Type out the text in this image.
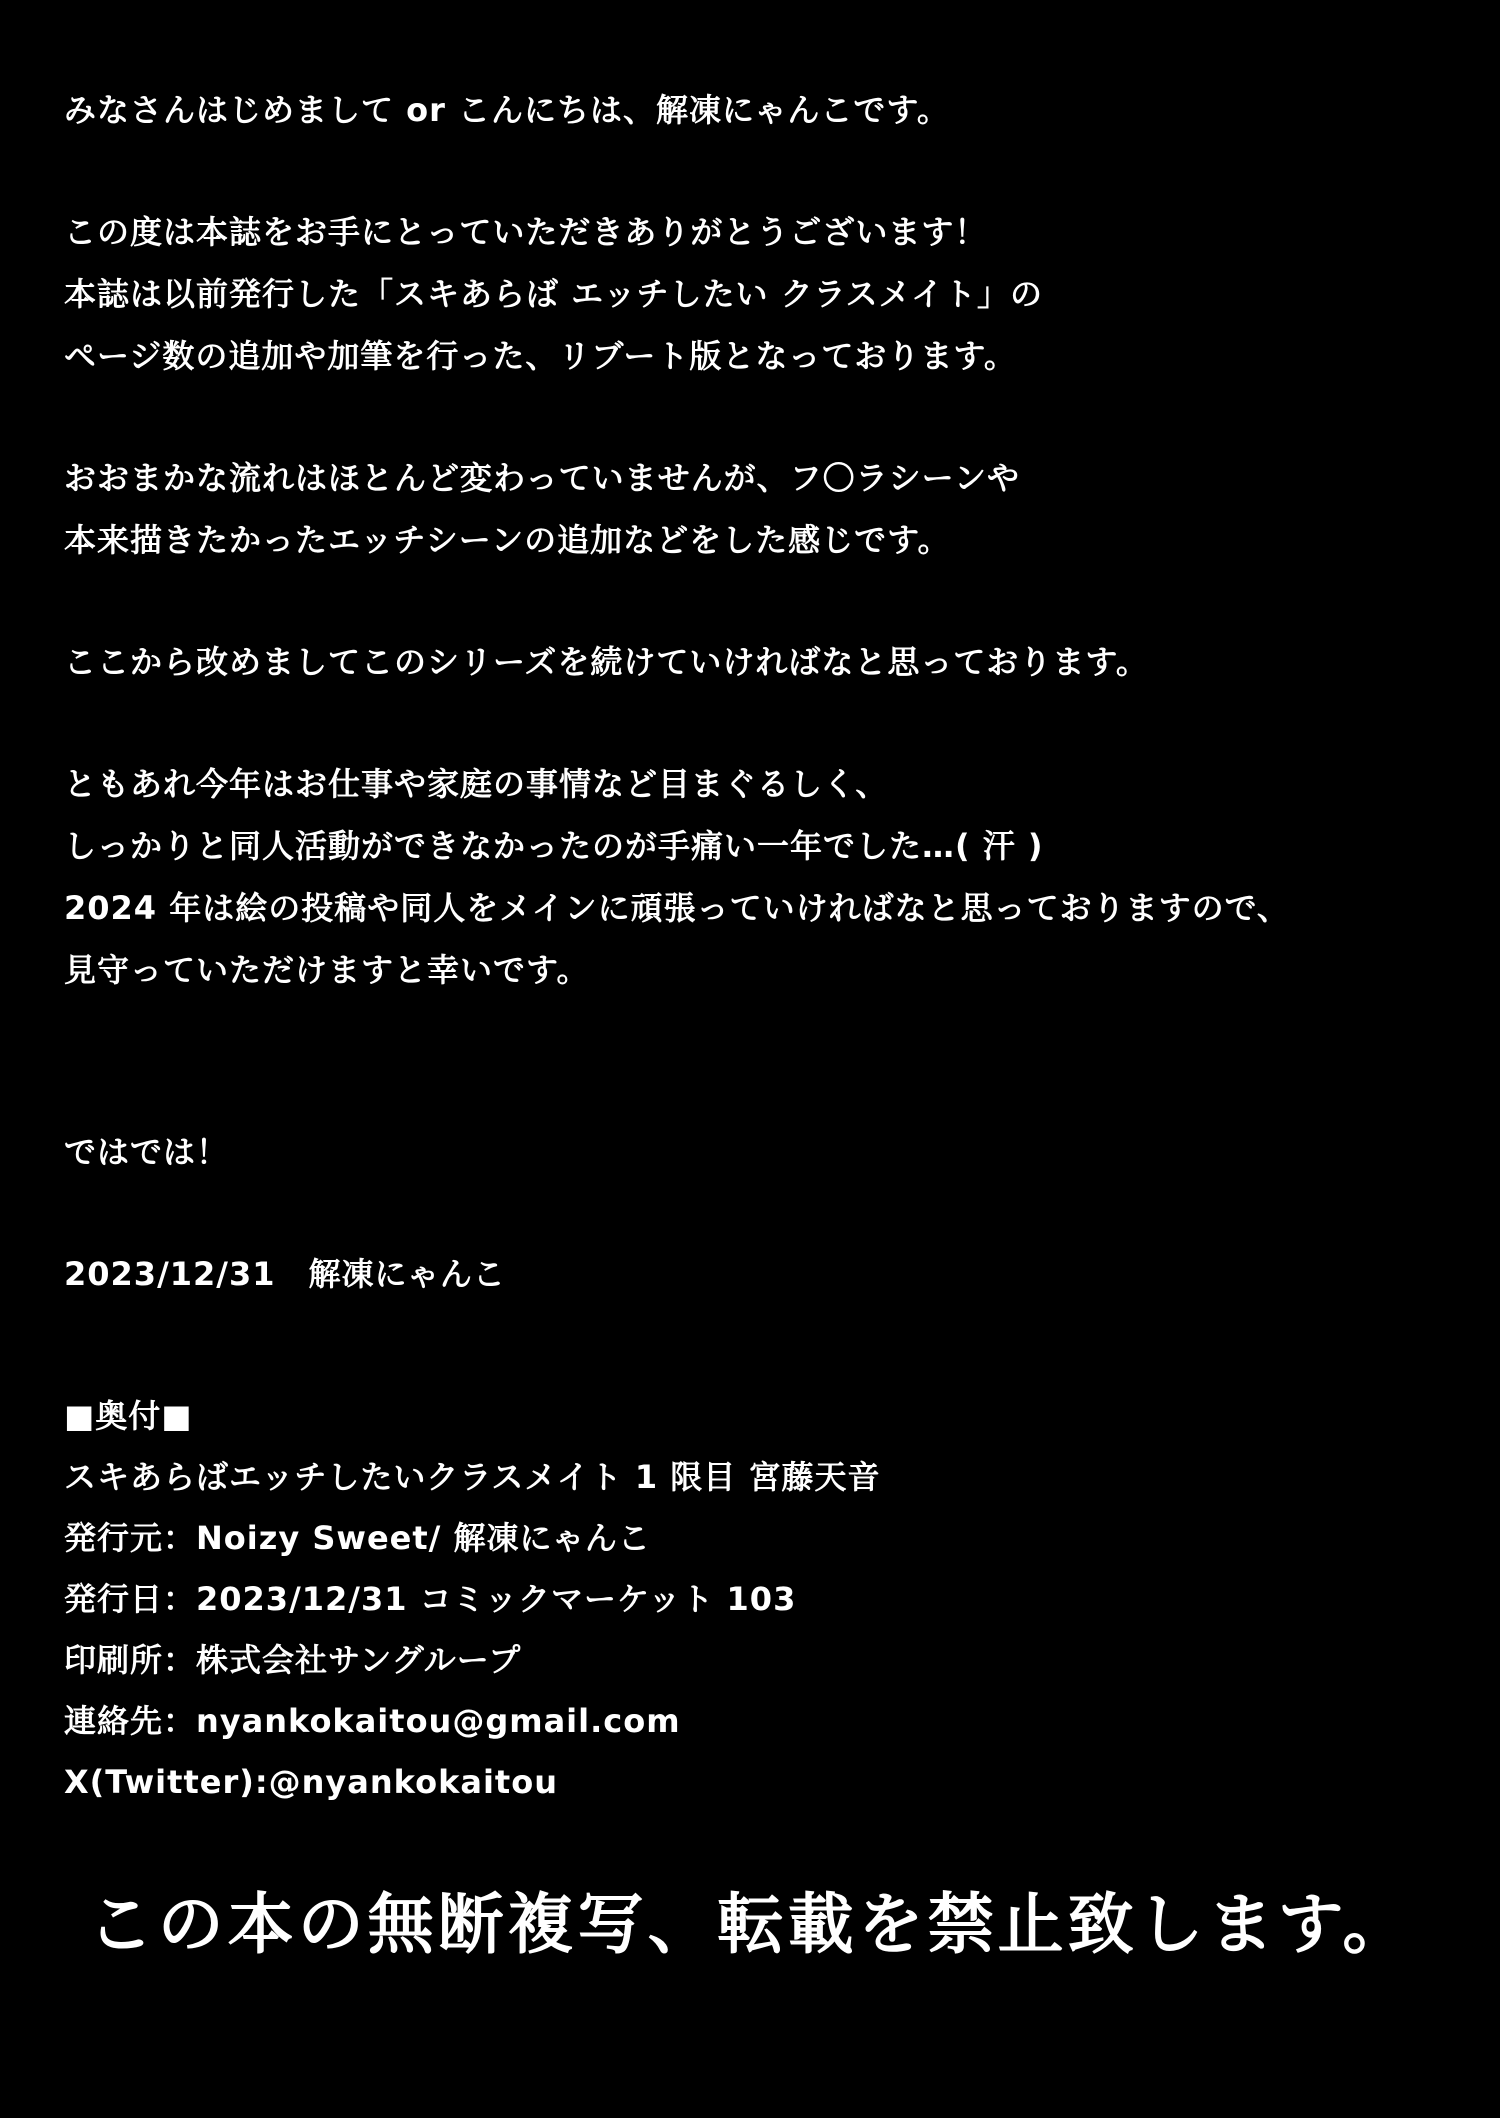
みなさんはじめまして or こんにちは、解凍にゃんこです。
この度は本誌をお手にとっていただきありがとうございます！
本誌は以前発行した「スキあらば エッチしたい クラスメイト」の
ページ数の追加や加筆を行った、リブート版となっております。
おおまかな流れはほとんど変わっていませんが、フ〇ラシーンや
本来描きたかったエッチシーンの追加などをした感じです。
ここから改めましてこのシリーズを続けていければなと思っております。
ともあれ今年はお仕事や家庭の事情など目まぐるしく、
しっかりと同人活動ができなかったのが手痛い一年でした…( 汗 )
2024 年は絵の投稿や同人をメインに頑張っていければなと思っておりますので、
見守っていただけますと幸いです。
ではでは！
2023/12/31　解凍にゃんこ
■奥付■
スキあらばエッチしたいクラスメイト 1 限目 宮藤天音
発行元：Noizy Sweet/ 解凍にゃんこ
発行日：2023/12/31 コミックマーケット 103
印刷所：株式会社サングループ
連絡先：nyankokaitou@gmail.com
X(Twitter):@nyankokaitou
この本の無断複写、転載を禁止致します。
